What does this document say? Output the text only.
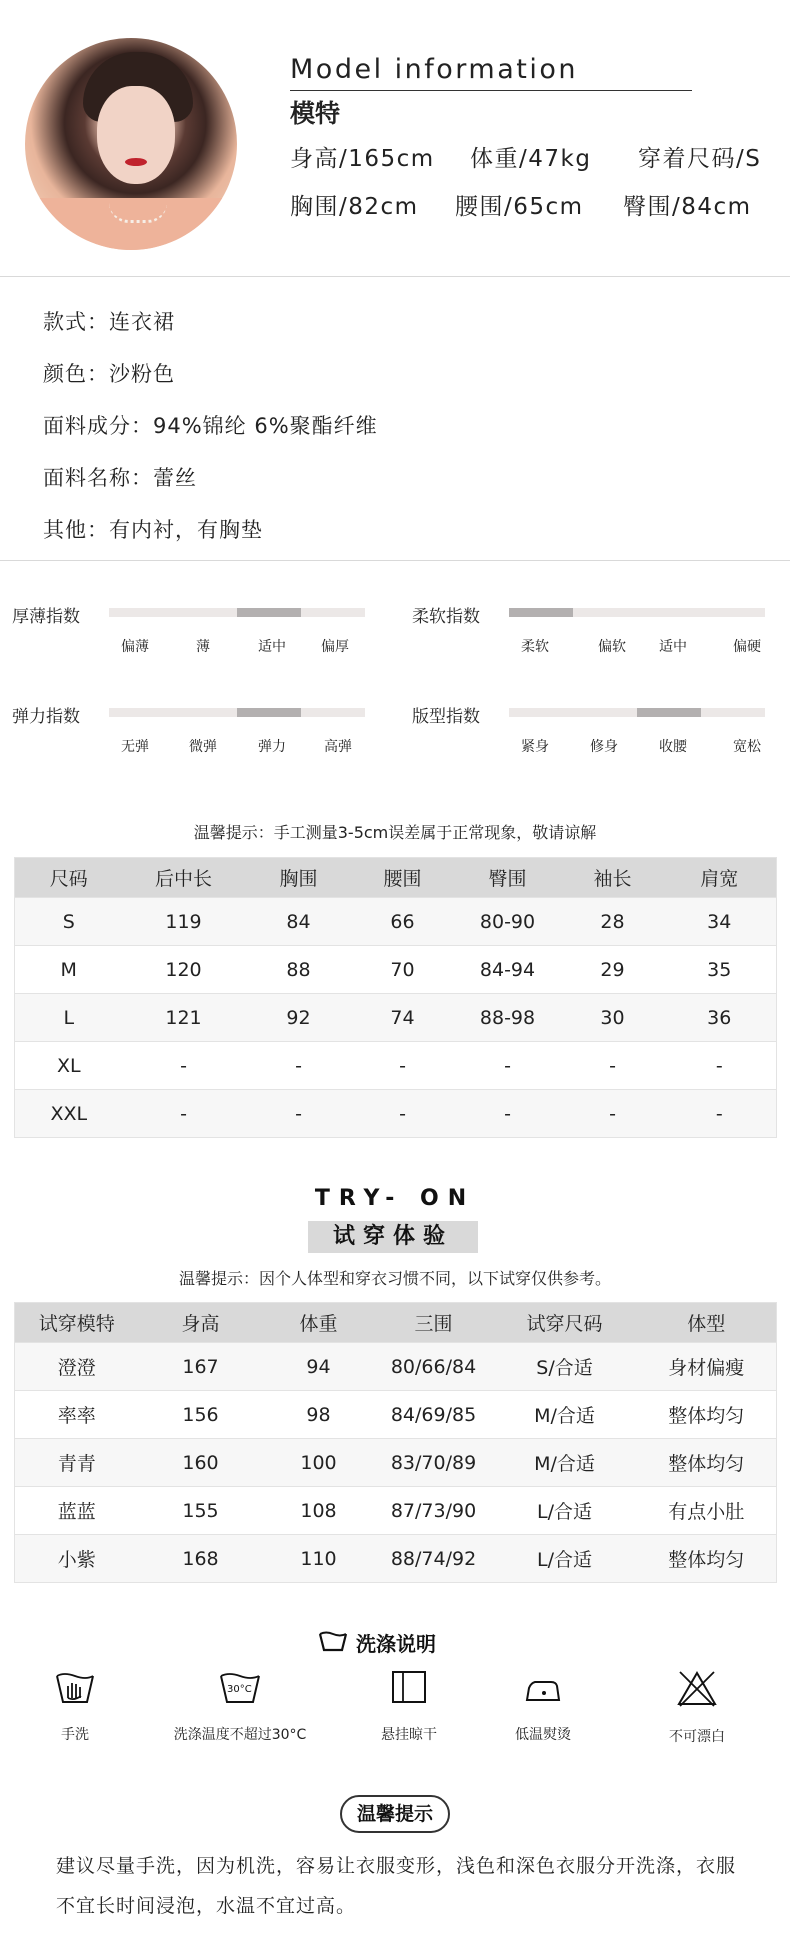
Model information
模特
身高/165cm 体重/47kg 穿着尺码/S
胸围/82cm 腰围/65cm 臀围/84cm
款式：连衣裙
颜色：沙粉色
面料成分：94%锦纶 6%聚酯纤维
面料名称：蕾丝
其他：有内衬，有胸垫
厚薄指数
偏薄	薄	适中	偏厚
柔软指数
柔软	偏软	适中	偏硬
弹力指数
无弹	微弹	弹力	高弹
版型指数
紧身	修身	收腰	宽松
温馨提示：手工测量3-5cm误差属于正常现象，敬请谅解
尺码	后中长	胸围	腰围	臀围	袖长	肩宽
S	119	84	66	80-90	28	34
M	120	88	70	84-94	29	35
L	121	92	74	88-98	30	36
XL	-	-	-	-	-	-
XXL	-	-	-	-	-	-
TRY- ON
试穿体验
温馨提示：因个人体型和穿衣习惯不同，以下试穿仅供参考。
试穿模特	身高	体重	三围	试穿尺码	体型
澄澄	167	94	80/66/84	S/合适	身材偏瘦
率率	156	98	84/69/85	M/合适	整体均匀
青青	160	100	83/70/89	M/合适	整体均匀
蓝蓝	155	108	87/73/90	L/合适	有点小肚
小紫	168	110	88/74/92	L/合适	整体均匀
洗涤说明
手洗
30°C
洗涤温度不超过30°C	悬挂晾干	低温熨烫	不可漂白
温馨提示
建议尽量手洗，因为机洗，容易让衣服变形，浅色和深色衣服分开洗涤，衣服不宜长时间浸泡，水温不宜过高。
